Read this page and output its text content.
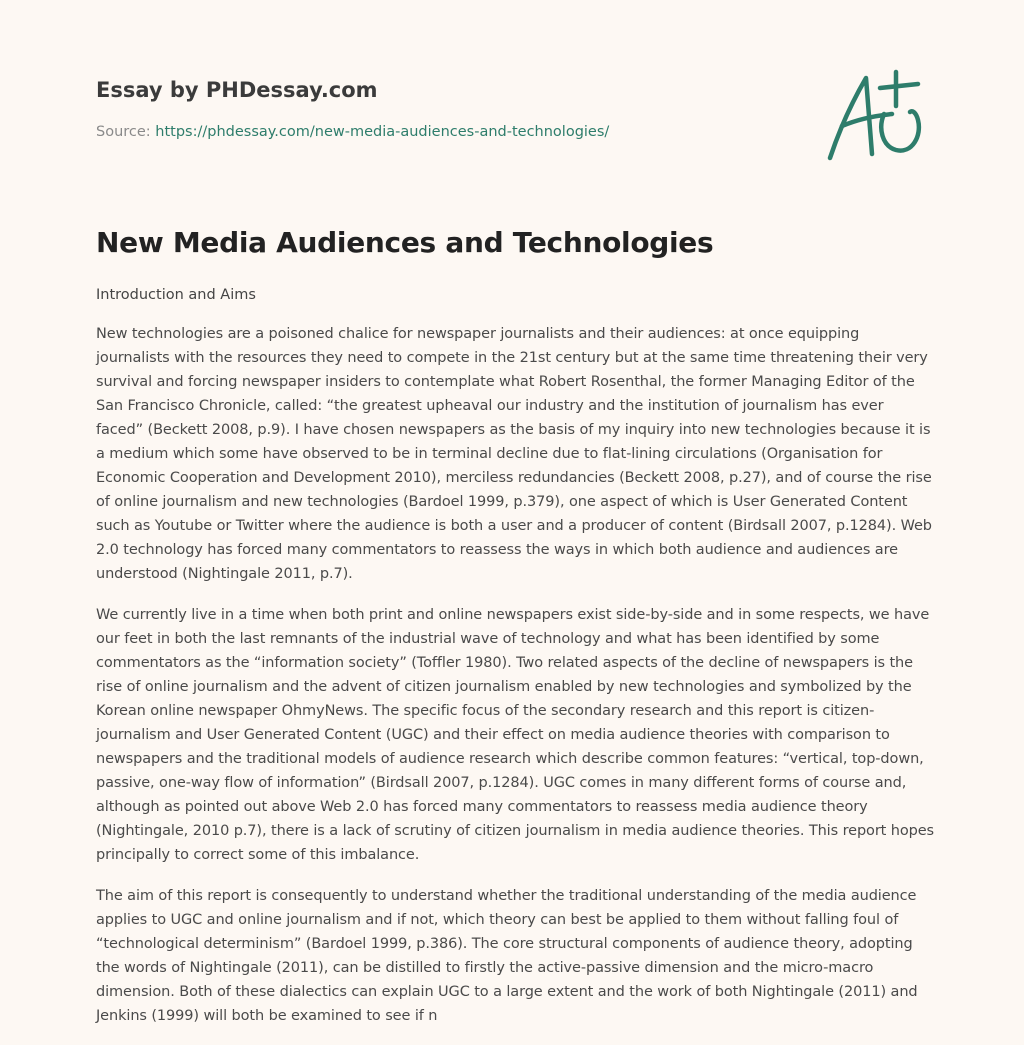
Essay by PHDessay.com
Source: https://phdessay.com/new-media-audiences-and-technologies/
New Media Audiences and Technologies
Introduction and Aims

New technologies are a poisoned chalice for newspaper journalists and their audiences: at once equipping journalists with the resources they need to compete in the 21st century but at the same time threatening their very survival and forcing newspaper insiders to contemplate what Robert Rosenthal, the former Managing Editor of the San Francisco Chronicle, called: “the greatest upheaval our industry and the institution of journalism has ever faced” (Beckett 2008, p.9). I have chosen newspapers as the basis of my inquiry into new technologies because it is a medium which some have observed to be in terminal decline due to flat-lining circulations (Organisation for Economic Cooperation and Development 2010), merciless redundancies (Beckett 2008, p.27), and of course the rise of online journalism and new technologies (Bardoel 1999, p.379), one aspect of which is User Generated Content such as Youtube or Twitter where the audience is both a user and a producer of content (Birdsall 2007, p.1284). Web 2.0 technology has forced many commentators to reassess the ways in which both audience and audiences are understood (Nightingale 2011, p.7).

We currently live in a time when both print and online newspapers exist side-by-side and in some respects, we have our feet in both the last remnants of the industrial wave of technology and what has been identified by some commentators as the “information society” (Toffler 1980). Two related aspects of the decline of newspapers is the rise of online journalism and the advent of citizen journalism enabled by new technologies and symbolized by the Korean online newspaper OhmyNews. The specific focus of the secondary research and this report is citizen-journalism and User Generated Content (UGC) and their effect on media audience theories with comparison to newspapers and the traditional models of audience research which describe common features: “vertical, top-down, passive, one-way flow of information” (Birdsall 2007, p.1284). UGC comes in many different forms of course and, although as pointed out above Web 2.0 has forced many commentators to reassess media audience theory (Nightingale, 2010 p.7), there is a lack of scrutiny of citizen journalism in media audience theories. This report hopes principally to correct some of this imbalance.

The aim of this report is consequently to understand whether the traditional understanding of the media audience applies to UGC and online journalism and if not, which theory can best be applied to them without falling foul of “technological determinism” (Bardoel 1999, p.386). The core structural components of audience theory, adopting the words of Nightingale (2011), can be distilled to firstly the active-passive dimension and the micro-macro dimension. Both of these dialectics can explain UGC to a large extent and the work of both Nightingale (2011) and Jenkins (1999) will both be examined to see if n
